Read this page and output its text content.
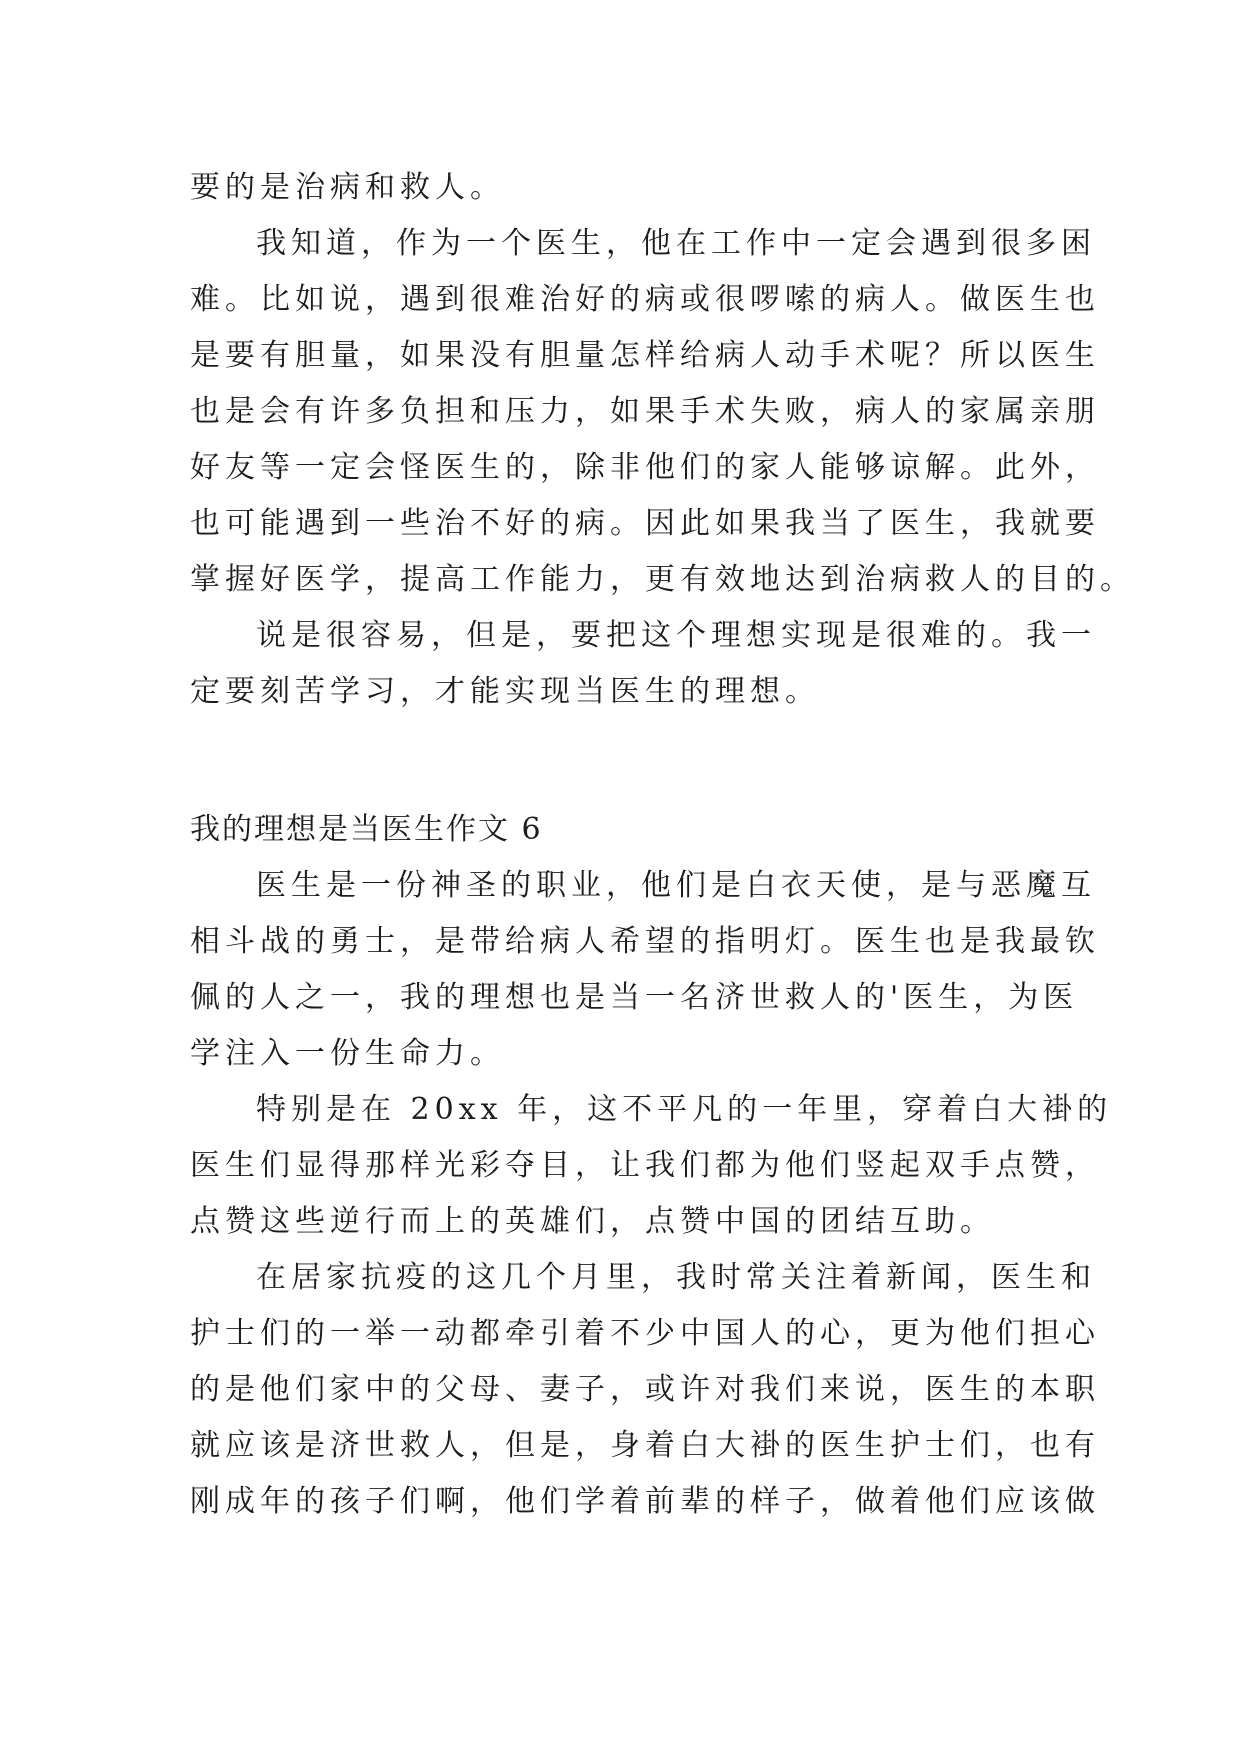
要的是治病和救人。
我知道，作为一个医生，他在工作中一定会遇到很多困
难。比如说，遇到很难治好的病或很啰嗦的病人。做医生也
是要有胆量，如果没有胆量怎样给病人动手术呢？所以医生
也是会有许多负担和压力，如果手术失败，病人的家属亲朋
好友等一定会怪医生的，除非他们的家人能够谅解。此外，
也可能遇到一些治不好的病。因此如果我当了医生，我就要
掌握好医学，提高工作能力，更有效地达到治病救人的目的。
说是很容易，但是，要把这个理想实现是很难的。我一
定要刻苦学习，才能实现当医生的理想。
我的理想是当医生作文 6
医生是一份神圣的职业，他们是白衣天使，是与恶魔互
相斗战的勇士，是带给病人希望的指明灯。医生也是我最钦
佩的人之一，我的理想也是当一名济世救人的'医生，为医
学注入一份生命力。
特别是在 20xx 年，这不平凡的一年里，穿着白大褂的
医生们显得那样光彩夺目，让我们都为他们竖起双手点赞，
点赞这些逆行而上的英雄们，点赞中国的团结互助。
在居家抗疫的这几个月里，我时常关注着新闻，医生和
护士们的一举一动都牵引着不少中国人的心，更为他们担心
的是他们家中的父母、妻子，或许对我们来说，医生的本职
就应该是济世救人，但是，身着白大褂的医生护士们，也有
刚成年的孩子们啊，他们学着前辈的样子，做着他们应该做
